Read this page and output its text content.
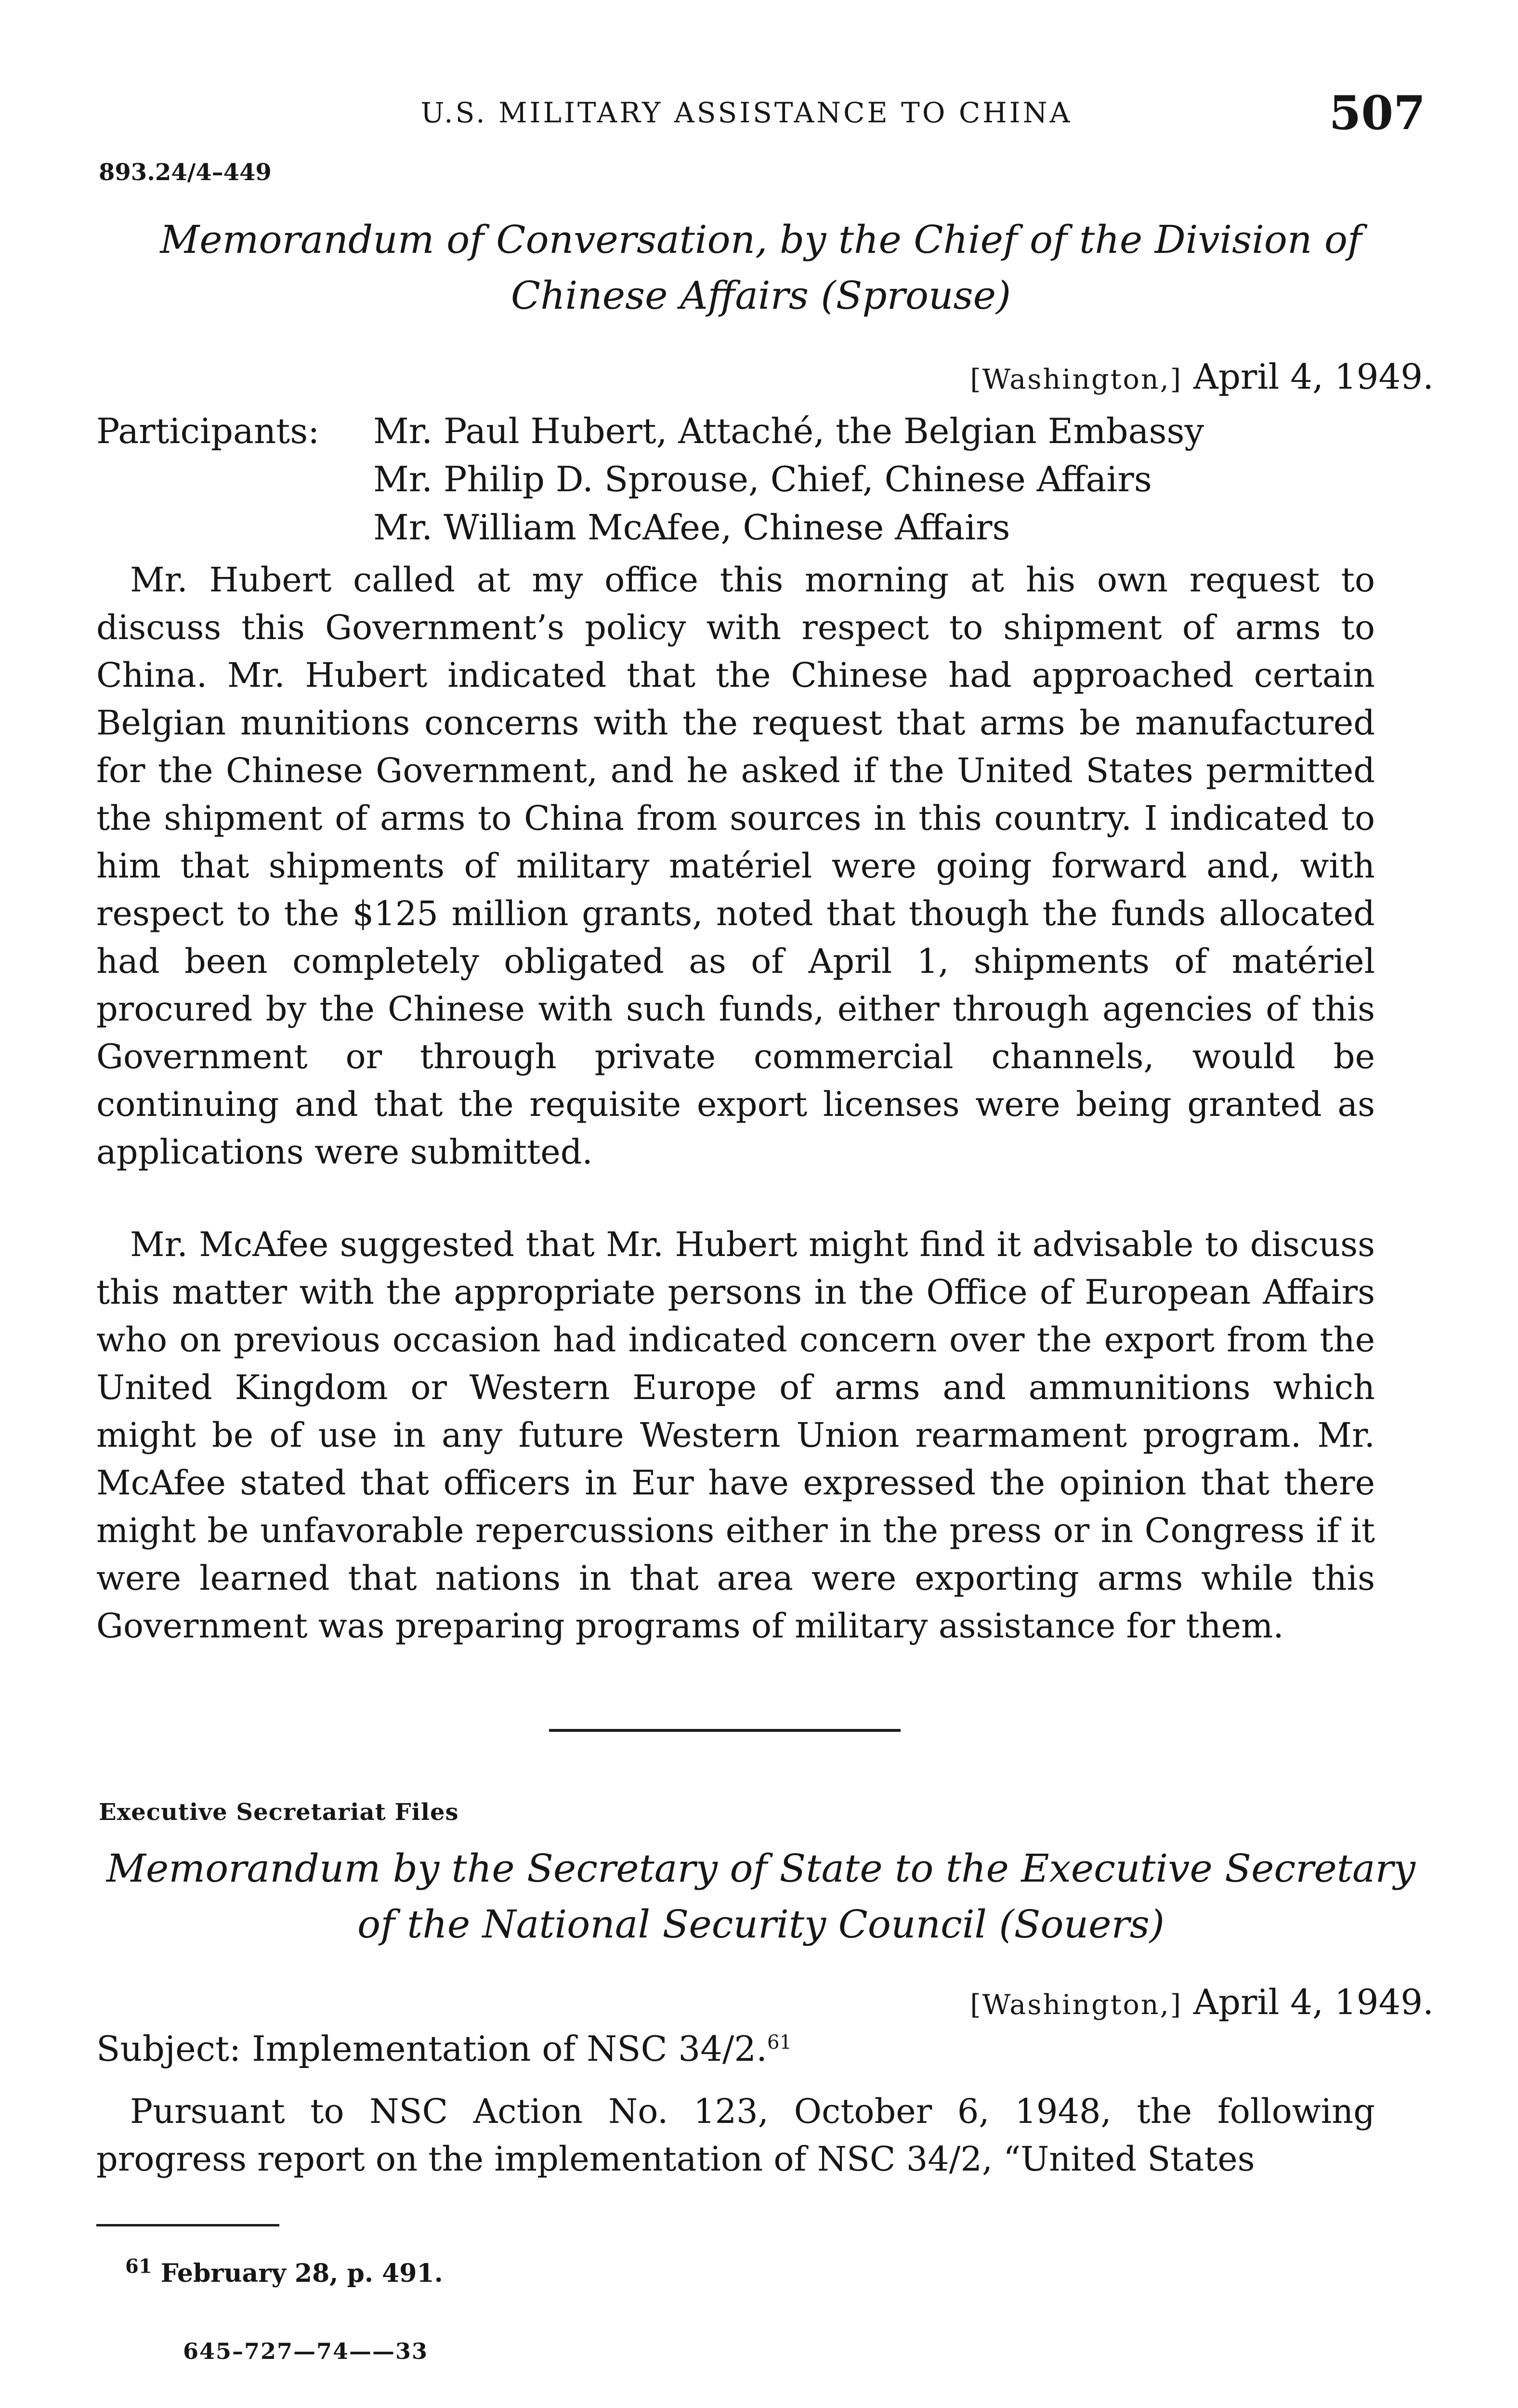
U.S. MILITARY ASSISTANCE TO CHINA	507
893.24/4–449
Memorandum of Conversation, by the Chief of the Division of Chinese Affairs (Sprouse)
[Washington,] April 4, 1949.
Participants: Mr. Paul Hubert, Attaché, the Belgian Embassy
Mr. Philip D. Sprouse, Chief, Chinese Affairs
Mr. William McAfee, Chinese Affairs

Mr. Hubert called at my office this morning at his own request to discuss this Government’s policy with respect to shipment of arms to China. Mr. Hubert indicated that the Chinese had approached certain Belgian munitions concerns with the request that arms be manufactured for the Chinese Government, and he asked if the United States permitted the shipment of arms to China from sources in this country. I indicated to him that shipments of military matériel were going forward and, with respect to the $125 million grants, noted that though the funds allocated had been completely obligated as of April 1, shipments of matériel procured by the Chinese with such funds, either through agencies of this Government or through private commercial channels, would be continuing and that the requisite export licenses were being granted as applications were submitted.

Mr. McAfee suggested that Mr. Hubert might find it advisable to discuss this matter with the appropriate persons in the Office of European Affairs who on previous occasion had indicated concern over the export from the United Kingdom or Western Europe of arms and ammunitions which might be of use in any future Western Union rearmament program. Mr. McAfee stated that officers in Eur have expressed the opinion that there might be unfavorable repercussions either in the press or in Congress if it were learned that nations in that area were exporting arms while this Government was preparing programs of military assistance for them.

Executive Secretariat Files
Memorandum by the Secretary of State to the Executive Secretary of the National Security Council (Souers)
[Washington,] April 4, 1949.
Subject: Implementation of NSC 34/2.61

Pursuant to NSC Action No. 123, October 6, 1948, the following progress report on the implementation of NSC 34/2, “United States

$^{61}$ February 28, p. 491.
645–727—74——33
